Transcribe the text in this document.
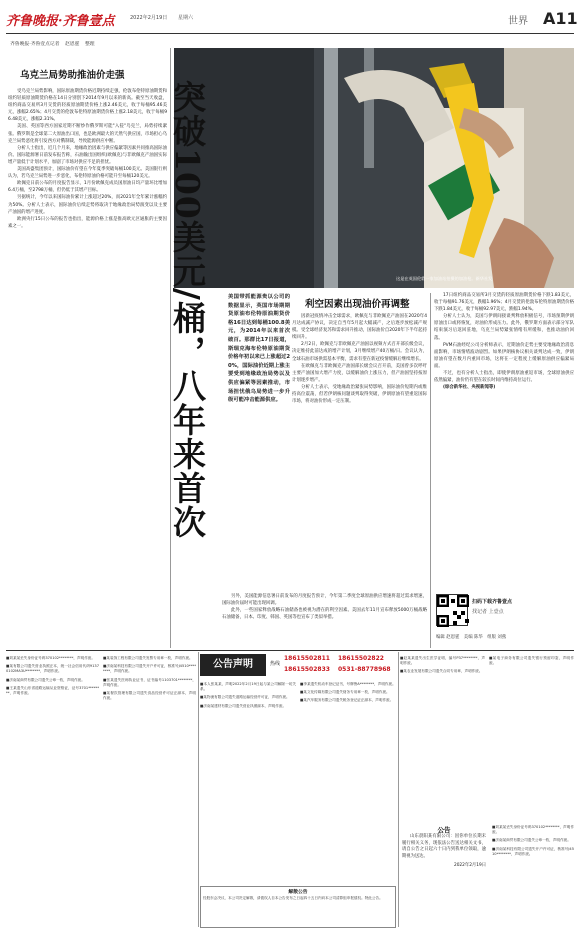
齐鲁晚报·齐鲁壹点	2022年2月19日 星期六	世界 A11
齐鲁晚报·齐鲁壹点记者 赵恩霆 整理
乌克兰局势助推油价走强

受乌克兰局势影响，国际原油期货价格近期持续走强，伦敦布伦特原油期货和纽约轻质原油期货价格在14日分别创下2014年9月以来的新高。截至当天收盘，纽约商品交易所3月交货的轻质原油期货价格上涨2.46美元，收于每桶95.46美元，涨幅2.65%；4月交货的伦敦布伦特原油期货价格上涨2.18美元，收于每桶96.48美元，涨幅2.31%。

美国、英国等西方国家近期不断炒作俄罗斯可能"入侵"乌克兰，局势持续紧张。俄罗斯是全球第二大原油出口国，也是欧洲最大的天然气供应国，市场担心乌克兰局势恶化将引发西方对俄制裁，导致能源供应中断。

分析人士指出，近几个月来，地缘政治因素与供应偏紧等因素共同推高国际油价。国际能源署日前发布报告称，石油输出国组织(欧佩克)与非欧佩克产油国实际增产量低于计划水平，加剧了市场对供应不足的担忧。

美国高盛集团预计，国际油价有望在今年夏季突破每桶100美元。美国银行则认为，若乌克兰局势进一步恶化，布伦特原油价格可能升至每桶120美元。

欧佩克日前公布的月度报告显示，1月份欧佩克成员国原油日均产量环比增加6.4万桶，至2798万桶，但仍低于其增产目标。

另据统计，今年以来国际油价累计上涨超过20%，而2021年全年累计涨幅约为50%。分析人士表示，国际油价后续走势将取决于地缘政治局势演变以及主要产油国的增产进度。

欧洲央行15日公布的报告也指出，能源价格上涨是推高欧元区通胀的主要因素之一。

这是在英国伦敦一家加油站拍摄的加油枪。新华社发
突破100美元/桶，八年来首次	美国带抓能源贵以公司的数据显示，英国市场期期货原油布伦特原油期货价格16日达到每桶100.8美元，为2014年以来首次破百。那群比17日报道，斯瑞克海布伦特原油期货价格年初以来已上涨超过20%，国际油价近期上涨主要受到地缘政治局势以及供应偏紧等因素推动，市场担忧俄乌局势进一步升级可能冲击能源供应。

利空因素出现油价再调整

因新冠疫情冲击全球需求，欧佩克与非欧佩克产油国在2020年4月达成减产协议，决定自当年5月起大幅减产，之后逐步放松减产规模。受全球经济复苏和需求回升推动，国际油价自2020年下半年起持续回升。

2月2日，欧佩克与非欧佩克产油国以视频方式召开部长级会议，决定维持此前达成的增产计划，3月继续增产40万桶/日。会议认为，全球石油市场供需基本平衡，需求有望在新冠疫情缓解后继续增长。

在欧佩克与非欧佩克产油国部长级会议召开前，美国曾多次呼吁主要产油国加大增产力度，以缓解油价上涨压力，但产油国坚持按原计划逐步增产。

分析人士表示，受地缘政治紧张局势影响，国际油价短期内或维持高位震荡，但若伊朗核问题谈判取得突破，伊朗原油有望重返国际市场，将对油价形成一定压制。

另外，美国能源信息署日前发布的月度报告预计，今年第二季度全球原油供应增速将超过需求增速，国际油价届时可能出现回调。

此外，一些国家释放战略石油储备也被视为潜在的利空因素。美国去年11月宣布释放5000万桶战略石油储备，日本、印度、韩国、英国等也宣布了类似举措。

17日纽约商品交易所3月交货的轻质原油期货价格下跌1.83美元，收于每桶91.76美元，跌幅1.96%；4月交货的伦敦布伦特原油期货价格下跌1.84美元，收于每桶92.97美元，跌幅1.94%。

分析人士认为，美国与伊朗间接谈判释放积极信号，市场预期伊朗原油出口或将恢复，对油价形成压力。此外，俄罗斯方面表示部分军队结束演习后返回驻地，乌克兰局势紧张情绪有所缓和，也推动油价回落。

PVM石油经纪公司分析师表示，近期油价走势主要受地缘政治消息面影响，市场情绪波动剧烈。如果伊朗核协议相关谈判达成一致，伊朗原油有望在数月内重回市场，这将在一定程度上缓解原油供应偏紧局面。

不过，也有分析人士指出，即使伊朗原油重返市场，全球原油供应依然偏紧，油价仍有望在较长时间内维持高位运行。

(综合新华社、央视新闻等)

扫码下载齐鲁壹点
找记者 上壹点
编辑 赵恩霆 美编 陈华 组版 刘燕
公告声明	热线
18615502811 18615502822
18615502833 0531-88778968

■刘某某丢失身份证号码370102********，声明作废。

■某有限公司遗失营业执照正本，统一社会信用代码91370102MA3U********，声明作废。

■济南某商贸有限公司遗失公章一枚，声明作废。

■王某遗失山东省道路运输从业资格证，证号3701********，声明作废。

■某装饰工程有限公司遗失发票专用章一枚，声明作废。

■济南某科技有限公司遗失开户许可证，核准号J4510********，声明作废。

■张某遗失医师执业证书，证书编号1103701********，声明作废。

■某餐饮管理有限公司遗失食品经营许可证正副本，声明作废。

■本人张某某，声明2022年2月19日起与某公司解除一切关系。

■某物流有限公司遗失道路运输经营许可证，声明作废。

■济南某建材有限公司遗失营业执照副本，声明作废。

■李某遗失机动车登记证书，号牌鲁A********，声明作废。

■某文化传媒有限公司遗失财务专用章一枚，声明作废。

■某汽车服务有限公司遗失税务登记证正副本，声明作废。

解散公告

经股东会决议，本公司决定解散，请债权人自本公告发布之日起四十五日内向本公司清算组申报债权。特此公告。

■赵某某遗失出生医学证明，编号P37********，声明作废。

■某农业发展有限公司遗失合同专用章，声明作废。

■某电子商务有限公司遗失银行预留印鉴，声明作废。

公告

山东晨阳某有限公司：因你单位长期未履行相关义务，现依法公告送达相关文书，请自公告之日起六十日内到我单位领取，逾期视为送达。

2022年2月19日

■刘某某丢失身份证号码370102********，声明作废。

■济南某商贸有限公司遗失公章一枚，声明作废。

■济南某科技有限公司遗失开户许可证，核准号J4510********，声明作废。
